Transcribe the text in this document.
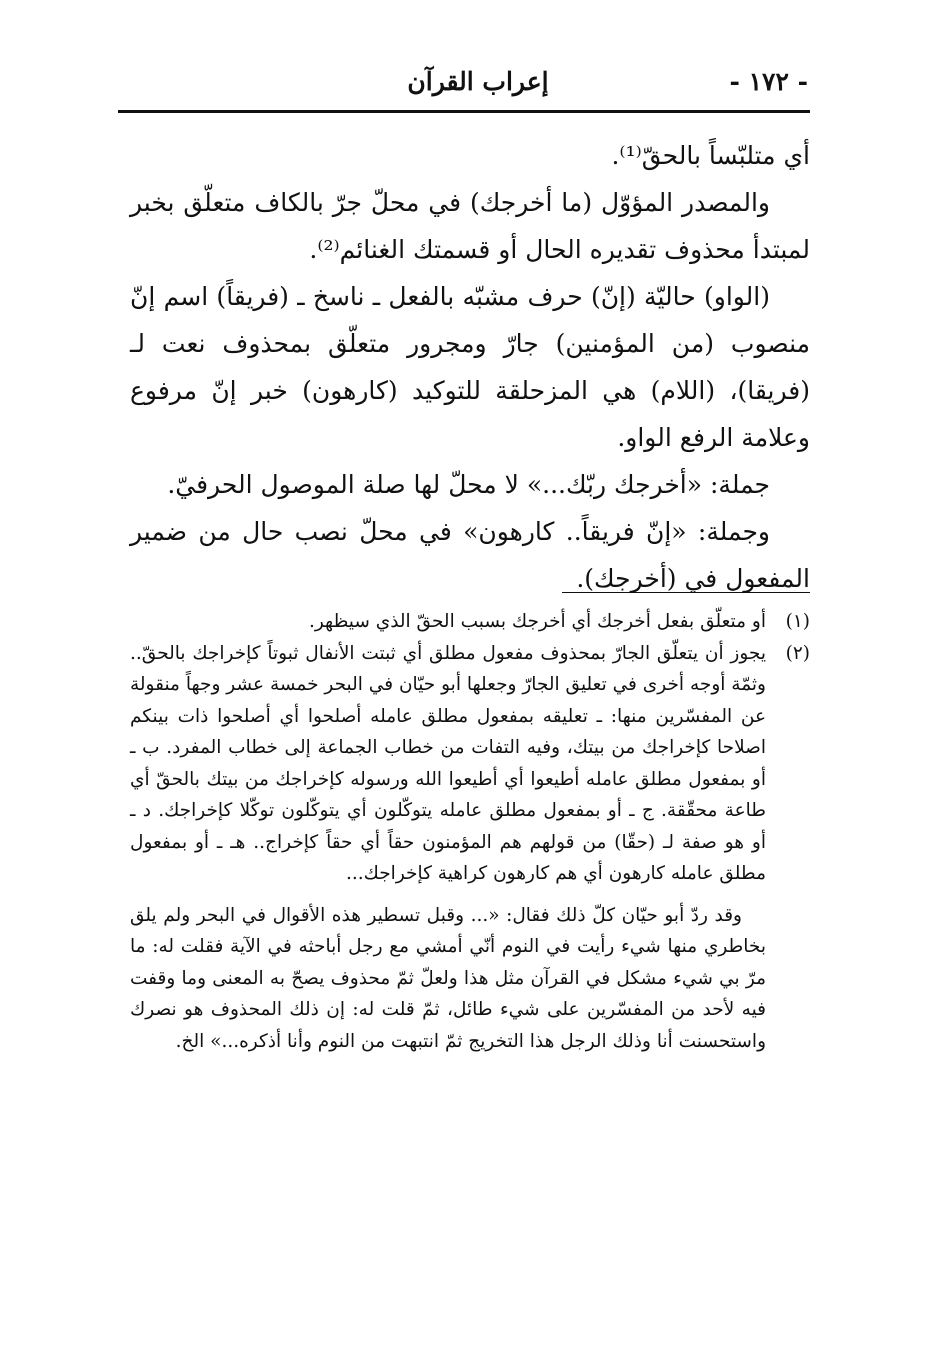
- ١٧٢ -
إعراب القرآن

أي متلبّساً بالحقّ⁽¹⁾.

والمصدر المؤوّل (ما أخرجك) في محلّ جرّ بالكاف متعلّق بخبر لمبتدأ محذوف تقديره الحال أو قسمتك الغنائم⁽²⁾.

(الواو) حاليّة (إنّ) حرف مشبّه بالفعل ـ ناسخ ـ (فريقاً) اسم إنّ منصوب (من المؤمنين) جارّ ومجرور متعلّق بمحذوف نعت لـ (فريقا)، (اللام) هي المزحلقة للتوكيد (كارهون) خبر إنّ مرفوع وعلامة الرفع الواو.

جملة: «أخرجك ربّك...» لا محلّ لها صلة الموصول الحرفيّ.

وجملة: «إنّ فريقاً.. كارهون» في محلّ نصب حال من ضمير المفعول في (أخرجك).

(١)
أو متعلّق بفعل أخرجك أي أخرجك بسبب الحقّ الذي سيظهر.

(٢)
يجوز أن يتعلّق الجارّ بمحذوف مفعول مطلق أي ثبتت الأنفال ثبوتاً كإخراجك بالحقّ.. وثمّة أوجه أخرى في تعليق الجارّ وجعلها أبو حيّان في البحر خمسة عشر وجهاً منقولة عن المفسّرين منها: ـ تعليقه بمفعول مطلق عامله أصلحوا أي أصلحوا ذات بينكم اصلاحا كإخراجك من بيتك، وفيه التفات من خطاب الجماعة إلى خطاب المفرد. ب ـ أو بمفعول مطلق عامله أطيعوا أي أطيعوا الله ورسوله كإخراجك من بيتك بالحقّ أي طاعة محقّقة. ج ـ أو بمفعول مطلق عامله يتوكّلون أي يتوكّلون توكّلا كإخراجك. د ـ أو هو صفة لـ (حقّا) من قولهم هم المؤمنون حقاً أي حقاً كإخراج.. هـ ـ أو بمفعول مطلق عامله كارهون أي هم كارهون كراهية كإخراجك...

وقد ردّ أبو حيّان كلّ ذلك فقال: «... وقبل تسطير هذه الأقوال في البحر ولم يلق بخاطري منها شيء رأيت في النوم أنّي أمشي مع رجل أباحثه في الآية فقلت له: ما مرّ بي شيء مشكل في القرآن مثل هذا ولعلّ ثمّ محذوف يصحّ به المعنى وما وقفت فيه لأحد من المفسّرين على شيء طائل، ثمّ قلت له: إن ذلك المحذوف هو نصرك واستحسنت أنا وذلك الرجل هذا التخريج ثمّ انتبهت من النوم وأنا أذكره...» الخ.
